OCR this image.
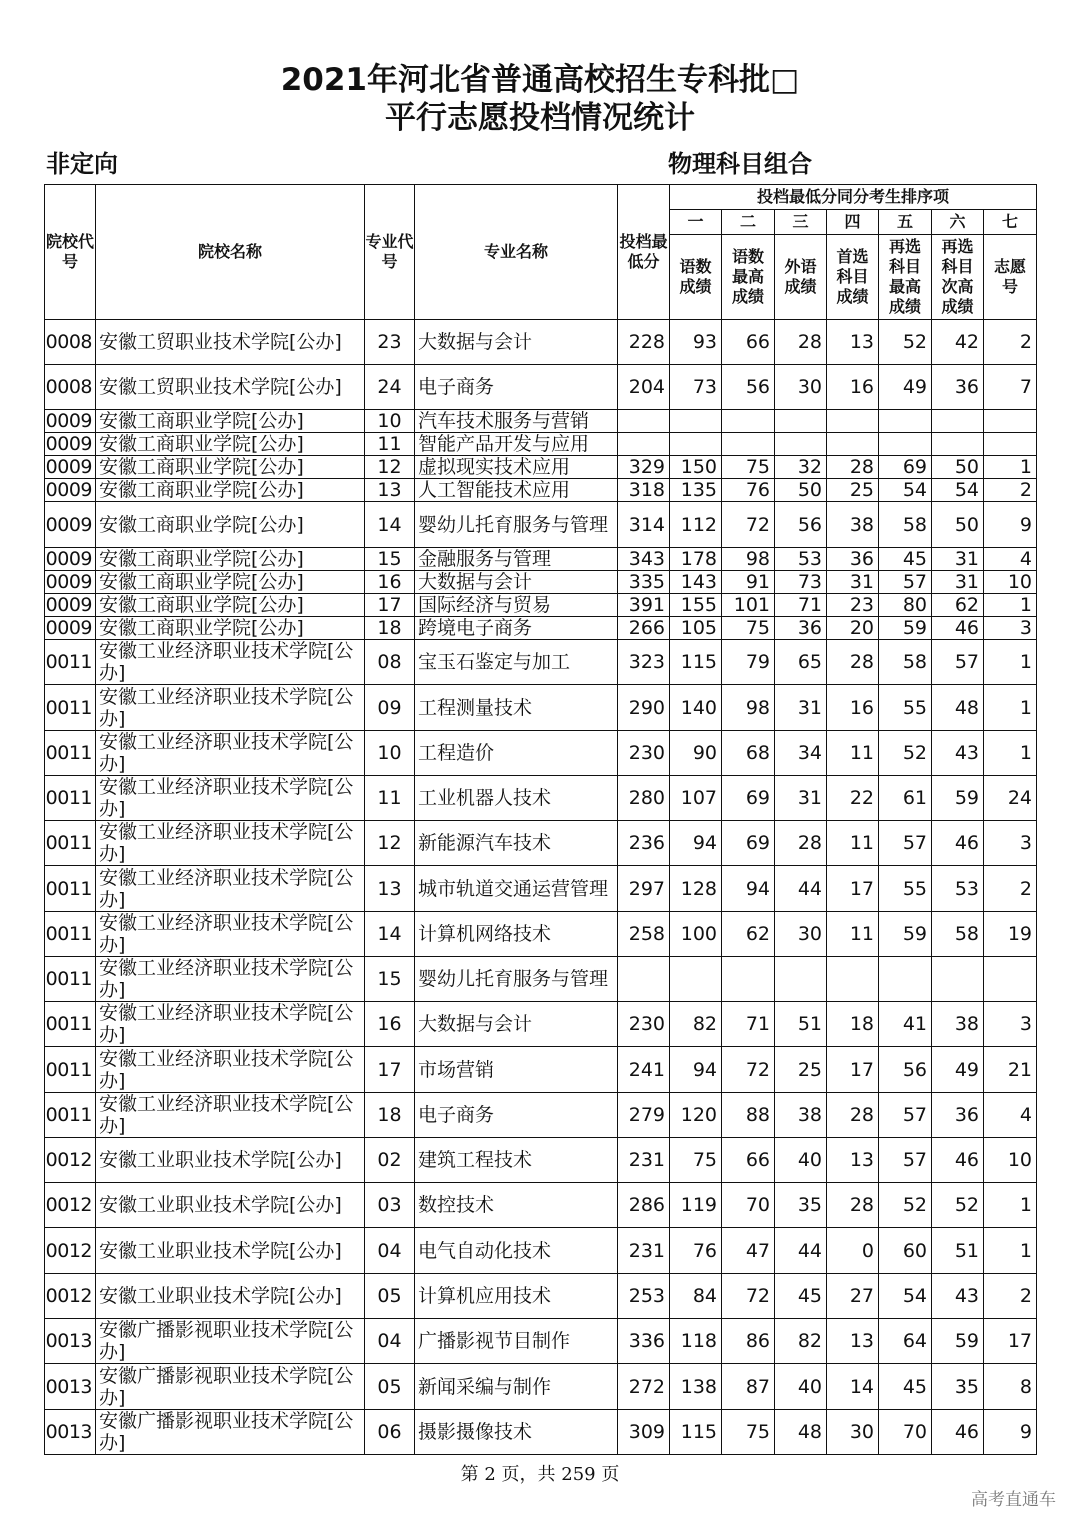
2021年河北省普通高校招生专科批□
平行志愿投档情况统计
非定向	物理科目组合
院校代号	院校名称	专业代号	专业名称	投档最低分	投档最低分同分考生排序项						
					一	二	三	四	五	六	七
					语数成绩	语数最高成绩	外语成绩	首选科目成绩	再选科目最高成绩	再选科目次高成绩	志愿号
0008	安徽工贸职业技术学院[公办]	23	大数据与会计	228	93	66	28	13	52	42	2
0008	安徽工贸职业技术学院[公办]	24	电子商务	204	73	56	30	16	49	36	7
0009	安徽工商职业学院[公办]	10	汽车技术服务与营销								
0009	安徽工商职业学院[公办]	11	智能产品开发与应用								
0009	安徽工商职业学院[公办]	12	虚拟现实技术应用	329	150	75	32	28	69	50	1
0009	安徽工商职业学院[公办]	13	人工智能技术应用	318	135	76	50	25	54	54	2
0009	安徽工商职业学院[公办]	14	婴幼儿托育服务与管理	314	112	72	56	38	58	50	9
0009	安徽工商职业学院[公办]	15	金融服务与管理	343	178	98	53	36	45	31	4
0009	安徽工商职业学院[公办]	16	大数据与会计	335	143	91	73	31	57	31	10
0009	安徽工商职业学院[公办]	17	国际经济与贸易	391	155	101	71	23	80	62	1
0009	安徽工商职业学院[公办]	18	跨境电子商务	266	105	75	36	20	59	46	3
0011	安徽工业经济职业技术学院[公办]	08	宝玉石鉴定与加工	323	115	79	65	28	58	57	1
0011	安徽工业经济职业技术学院[公办]	09	工程测量技术	290	140	98	31	16	55	48	1
0011	安徽工业经济职业技术学院[公办]	10	工程造价	230	90	68	34	11	52	43	1
0011	安徽工业经济职业技术学院[公办]	11	工业机器人技术	280	107	69	31	22	61	59	24
0011	安徽工业经济职业技术学院[公办]	12	新能源汽车技术	236	94	69	28	11	57	46	3
0011	安徽工业经济职业技术学院[公办]	13	城市轨道交通运营管理	297	128	94	44	17	55	53	2
0011	安徽工业经济职业技术学院[公办]	14	计算机网络技术	258	100	62	30	11	59	58	19
0011	安徽工业经济职业技术学院[公办]	15	婴幼儿托育服务与管理								
0011	安徽工业经济职业技术学院[公办]	16	大数据与会计	230	82	71	51	18	41	38	3
0011	安徽工业经济职业技术学院[公办]	17	市场营销	241	94	72	25	17	56	49	21
0011	安徽工业经济职业技术学院[公办]	18	电子商务	279	120	88	38	28	57	36	4
0012	安徽工业职业技术学院[公办]	02	建筑工程技术	231	75	66	40	13	57	46	10
0012	安徽工业职业技术学院[公办]	03	数控技术	286	119	70	35	28	52	52	1
0012	安徽工业职业技术学院[公办]	04	电气自动化技术	231	76	47	44	0	60	51	1
0012	安徽工业职业技术学院[公办]	05	计算机应用技术	253	84	72	45	27	54	43	2
0013	安徽广播影视职业技术学院[公办]	04	广播影视节目制作	336	118	86	82	13	64	59	17
0013	安徽广播影视职业技术学院[公办]	05	新闻采编与制作	272	138	87	40	14	45	35	8
0013	安徽广播影视职业技术学院[公办]	06	摄影摄像技术	309	115	75	48	30	70	46	9
第 2 页，共 259 页
高考直通车
